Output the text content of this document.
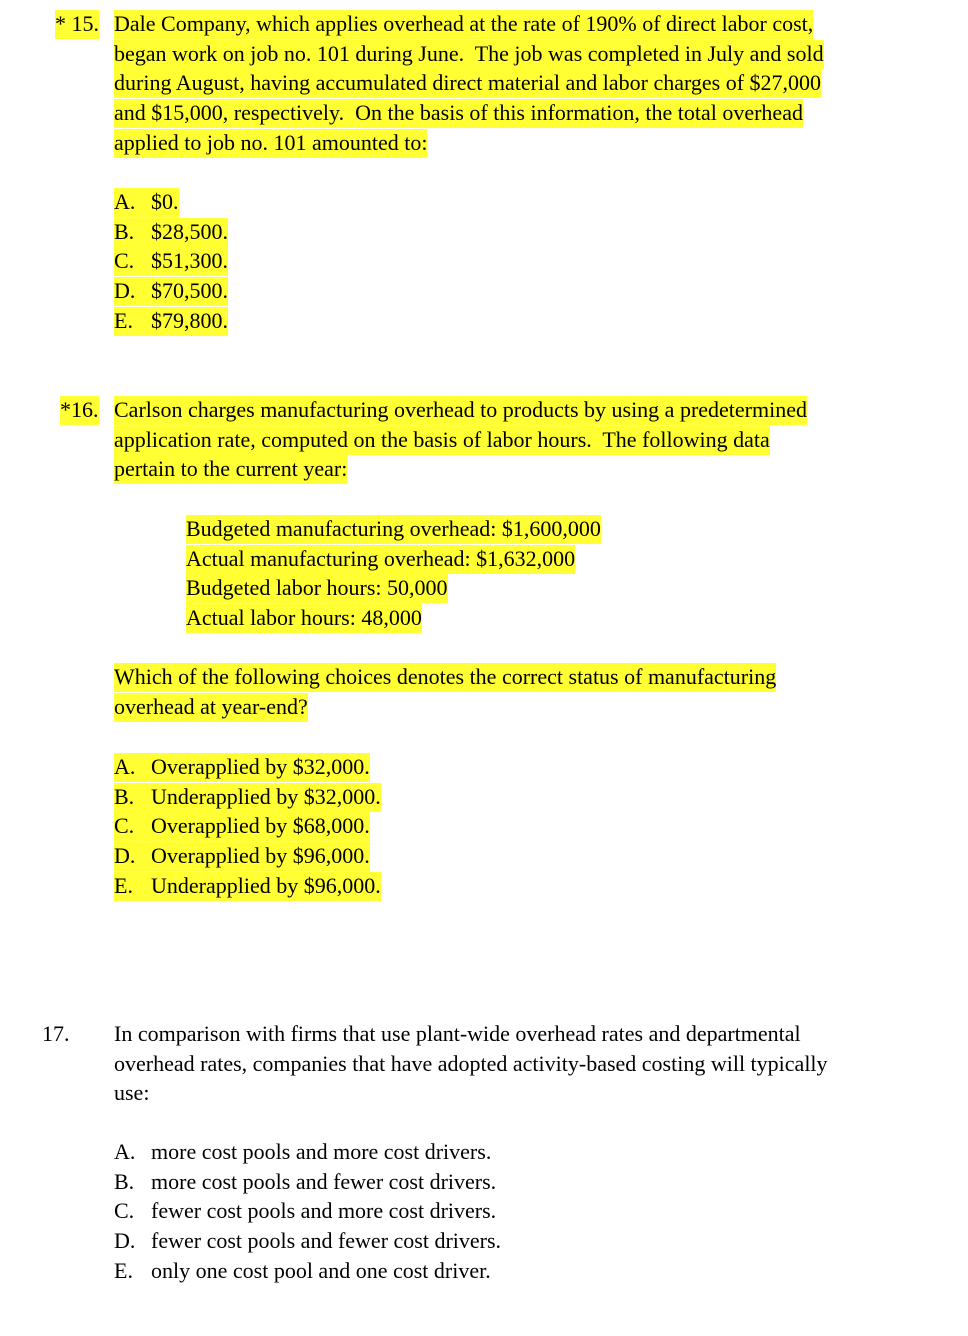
* 15. Dale Company, which applies overhead at the rate of 190% of direct labor cost,
began work on job no. 101 during June.  The job was completed in July and sold
during August, having accumulated direct material and labor charges of $27,000
and $15,000, respectively.  On the basis of this information, the total overhead
applied to job no. 101 amounted to:
A. $0.
B. $28,500.
C. $51,300.
D. $70,500.
E. $79,800.
*16. Carlson charges manufacturing overhead to products by using a predetermined
application rate, computed on the basis of labor hours.  The following data
pertain to the current year:
Budgeted manufacturing overhead: $1,600,000
Actual manufacturing overhead: $1,632,000
Budgeted labor hours: 50,000
Actual labor hours: 48,000
Which of the following choices denotes the correct status of manufacturing
overhead at year-end?
A. Overapplied by $32,000.
B. Underapplied by $32,000.
C. Overapplied by $68,000.
D. Overapplied by $96,000.
E. Underapplied by $96,000.
17. In comparison with firms that use plant-wide overhead rates and departmental
overhead rates, companies that have adopted activity-based costing will typically
use:
A. more cost pools and more cost drivers.
B. more cost pools and fewer cost drivers.
C. fewer cost pools and more cost drivers.
D. fewer cost pools and fewer cost drivers.
E. only one cost pool and one cost driver.
